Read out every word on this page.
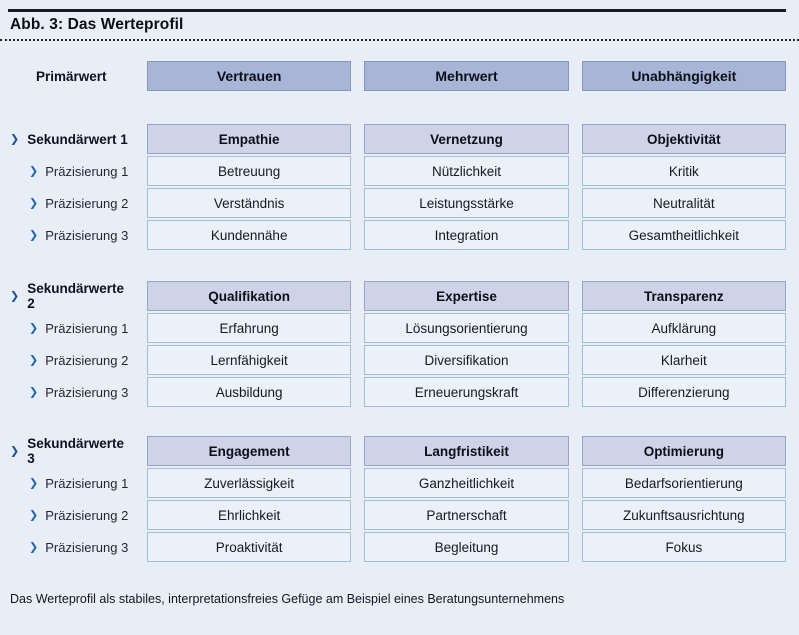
Abb. 3: Das Werteprofil
Primärwert	Vertrauen	Mehrwert	Unabhängigkeit
❯ Sekundärwert 1	Empathie	Vernetzung	Objektivität
❯ Präzisierung 1	Betreuung	Nützlichkeit	Kritik
❯ Präzisierung 2	Verständnis	Leistungsstärke	Neutralität
❯ Präzisierung 3	Kundennähe	Integration	Gesamtheitlichkeit
❯ Sekundärwerte 2	Qualifikation	Expertise	Transparenz
❯ Präzisierung 1	Erfahrung	Lösungsorientierung	Aufklärung
❯ Präzisierung 2	Lernfähigkeit	Diversifikation	Klarheit
❯ Präzisierung 3	Ausbildung	Erneuerungskraft	Differenzierung
❯ Sekundärwerte 3	Engagement	Langfristikeit	Optimierung
❯ Präzisierung 1	Zuverlässigkeit	Ganzheitlichkeit	Bedarfsorientierung
❯ Präzisierung 2	Ehrlichkeit	Partnerschaft	Zukunftsausrichtung
❯ Präzisierung 3	Proaktivität	Begleitung	Fokus

Das Werteprofil als stabiles, interpretationsfreies Gefüge am Beispiel eines Beratungsunternehmens
